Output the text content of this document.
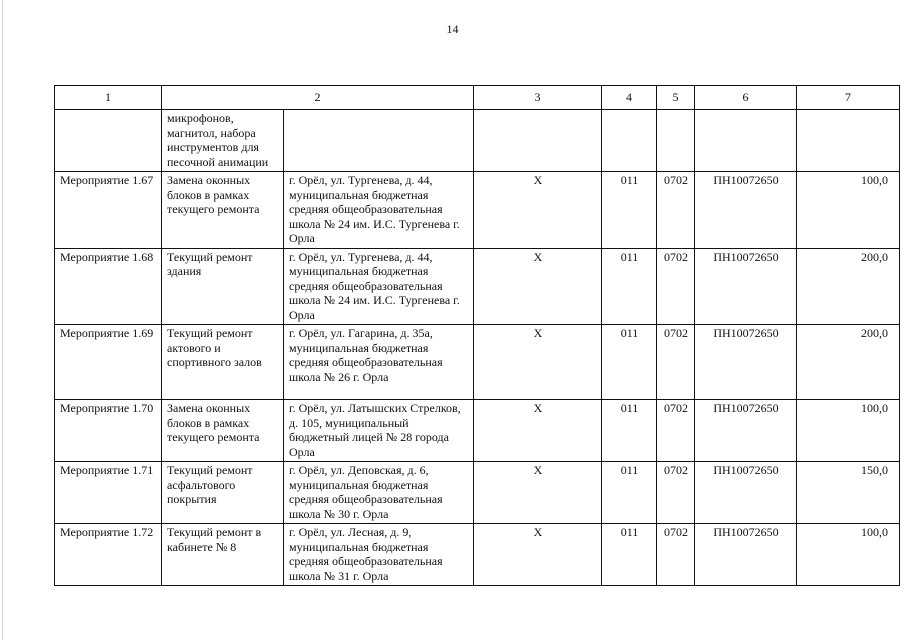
14
1	2		3	4	5	6	7
	микрофонов, магнитол, набора инструментов для песочной анимации						
Мероприятие 1.67	Замена оконных блоков в рамках текущего ремонта	г. Орёл, ул. Тургенева, д. 44, муниципальная бюджетная средняя общеобразовательная школа № 24 им. И.С. Тургенева г. Орла	Х	011	0702	ПН10072650	100,0
Мероприятие 1.68	Текущий ремонт здания	г. Орёл, ул. Тургенева, д. 44, муниципальная бюджетная средняя общеобразовательная школа № 24 им. И.С. Тургенева г. Орла	Х	011	0702	ПН10072650	200,0
Мероприятие 1.69	Текущий ремонт актового и спортивного залов	г. Орёл, ул. Гагарина, д. 35а, муниципальная бюджетная средняя общеобразовательная школа № 26 г. Орла	Х	011	0702	ПН10072650	200,0
Мероприятие 1.70	Замена оконных блоков в рамках текущего ремонта	г. Орёл, ул. Латышских Стрелков, д. 105, муниципальный бюджетный лицей № 28 города Орла	Х	011	0702	ПН10072650	100,0
Мероприятие 1.71	Текущий ремонт асфальтового покрытия	г. Орёл, ул. Деповская, д. 6, муниципальная бюджетная средняя общеобразовательная школа № 30 г. Орла	Х	011	0702	ПН10072650	150,0
Мероприятие 1.72	Текущий ремонт в кабинете № 8	г. Орёл, ул. Лесная, д. 9, муниципальная бюджетная средняя общеобразовательная школа № 31 г. Орла	Х	011	0702	ПН10072650	100,0
